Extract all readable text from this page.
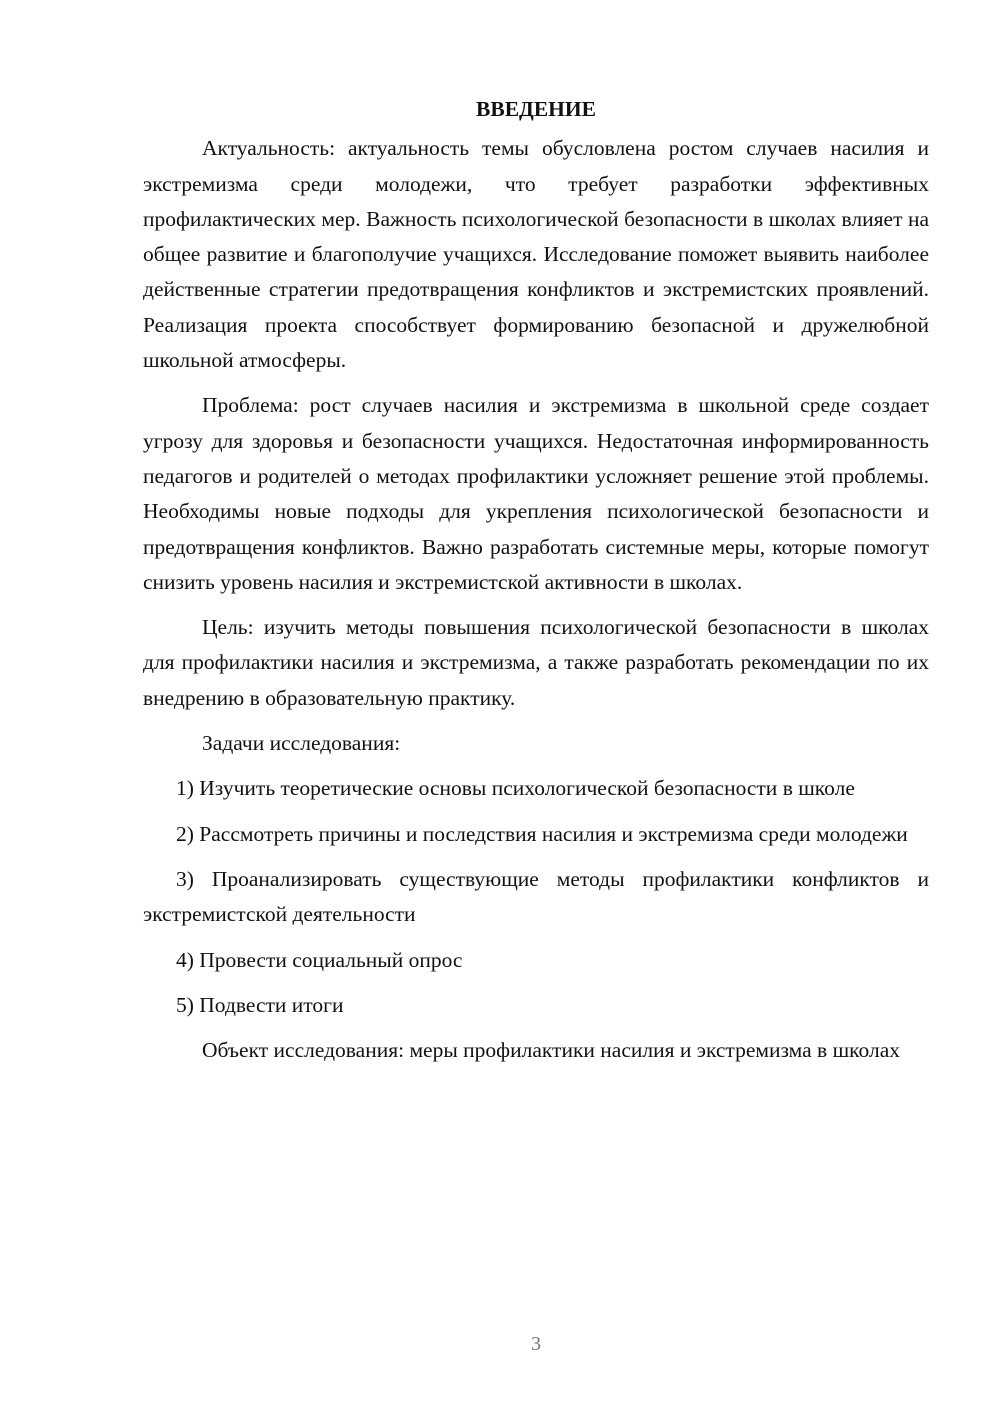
ВВЕДЕНИЕ

Актуальность: актуальность темы обусловлена ростом случаев насилия и экстремизма среди молодежи, что требует разработки эффективных профилактических мер. Важность психологической безопасности в школах влияет на общее развитие и благополучие учащихся. Исследование поможет выявить наиболее действенные стратегии предотвращения конфликтов и экстремистских проявлений. Реализация проекта способствует формированию безопасной и дружелюбной школьной атмосферы.

Проблема: рост случаев насилия и экстремизма в школьной среде создает угрозу для здоровья и безопасности учащихся. Недостаточная информированность педагогов и родителей о методах профилактики усложняет решение этой проблемы. Необходимы новые подходы для укрепления психологической безопасности и предотвращения конфликтов. Важно разработать системные меры, которые помогут снизить уровень насилия и экстремистской активности в школах.

Цель: изучить методы повышения психологической безопасности в школах для профилактики насилия и экстремизма, а также разработать рекомендации по их внедрению в образовательную практику.

Задачи исследования:

1) Изучить теоретические основы психологической безопасности в школе

2) Рассмотреть причины и последствия насилия и экстремизма среди молодежи

3) Проанализировать существующие методы профилактики конфликтов и экстремистской деятельности

4) Провести социальный опрос

5) Подвести итоги

Объект исследования: меры профилактики насилия и экстремизма в школах

3
